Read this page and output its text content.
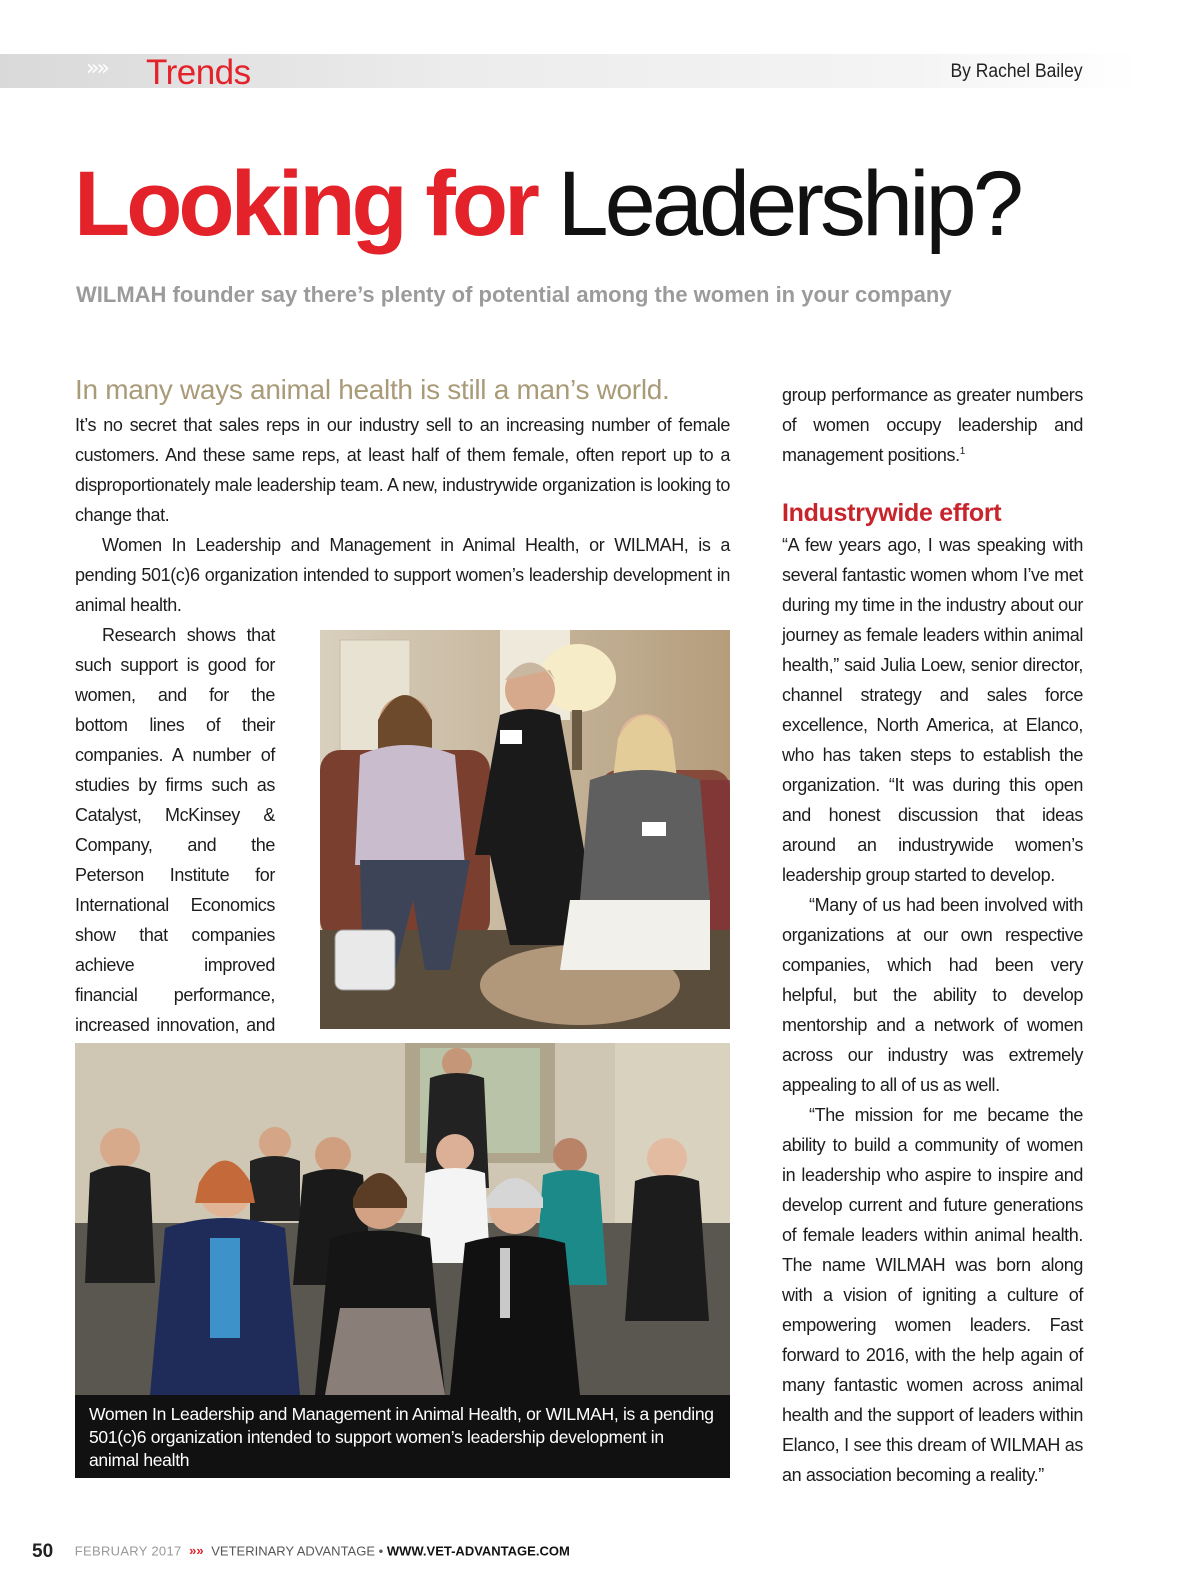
»» Trends	By Rachel Bailey
Looking for Leadership?
WILMAH founder say there’s plenty of potential among the women in your company
In many ways animal health is still a man’s world.

It’s no secret that sales reps in our industry sell to an increasing number of female customers. And these same reps, at least half of them female, often report up to a disproportionately male leadership team. A new, industrywide organization is looking to change that.

Women In Leadership and Management in Animal Health, or WILMAH, is a pending 501(c)6 organization intended to support women’s leadership development in animal health.

Research shows that such support is good for women, and for the bottom lines of their companies. A number of studies by firms such as Catalyst, McKinsey & Company, and the Peterson Institute for International Economics show that companies achieve improved financial performance, increased innovation, and

group performance as greater numbers of women occupy leadership and management positions.$^1$

Industrywide effort

“A few years ago, I was speaking with several fantastic women whom I’ve met during my time in the industry about our journey as female leaders within animal health,” said Julia Loew, senior director, channel strategy and sales force excellence, North America, at Elanco, who has taken steps to establish the organization. “It was during this open and honest discussion that ideas around an industrywide women’s leadership group started to develop.

“Many of us had been involved with organizations at our own respective companies, which had been very helpful, but the ability to develop mentorship and a network of women across our industry was extremely appealing to all of us as well.

“The mission for me became the ability to build a community of women in leadership who aspire to inspire and develop current and future generations of female leaders within animal health. The name WILMAH was born along with a vision of igniting a culture of empowering women leaders. Fast forward to 2016, with the help again of many fantastic women across animal health and the support of leaders within Elanco, I see this dream of WILMAH as an association becoming a reality.”

Women In Leadership and Management in Animal Health, or WILMAH, is a pending 501(c)6 organization intended to support women’s leadership development in animal health
50 FEBRUARY 2017 »» VETERINARY ADVANTAGE • WWW.VET-ADVANTAGE.COM
